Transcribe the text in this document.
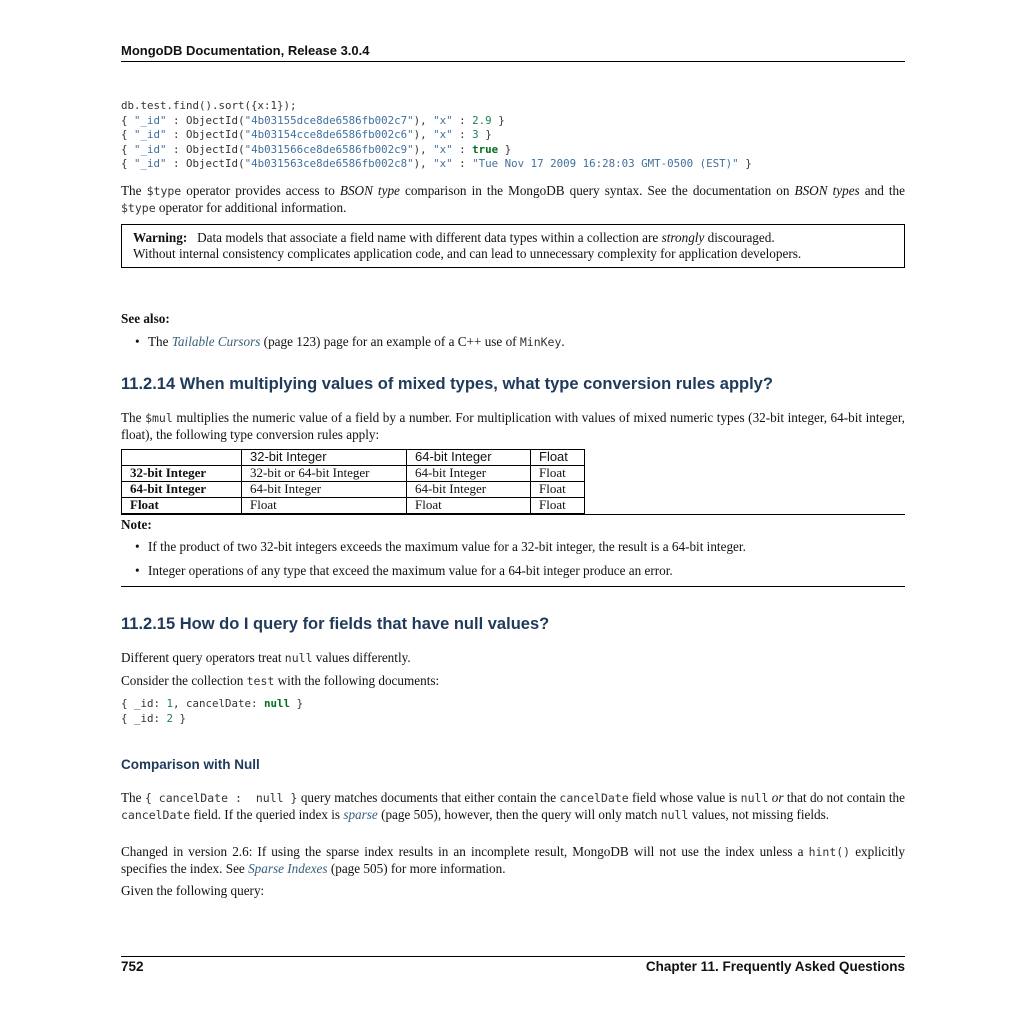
MongoDB Documentation, Release 3.0.4
db.test.find().sort({x:1});
{ "_id" : ObjectId("4b03155dce8de6586fb002c7"), "x" : 2.9 }
{ "_id" : ObjectId("4b03154cce8de6586fb002c6"), "x" : 3 }
{ "_id" : ObjectId("4b031566ce8de6586fb002c9"), "x" : true }
{ "_id" : ObjectId("4b031563ce8de6586fb002c8"), "x" : "Tue Nov 17 2009 16:28:03 GMT-0500 (EST)" }
The $type operator provides access to BSON type comparison in the MongoDB query syntax. See the documentation on BSON types and the $type operator for additional information.
Warning: Data models that associate a field name with different data types within a collection are strongly discouraged.
Without internal consistency complicates application code, and can lead to unnecessary complexity for application developers.
See also:
• The Tailable Cursors (page 123) page for an example of a C++ use of MinKey.
11.2.14 When multiplying values of mixed types, what type conversion rules apply?
The $mul multiplies the numeric value of a field by a number. For multiplication with values of mixed numeric types (32-bit integer, 64-bit integer, float), the following type conversion rules apply:
	32-bit Integer	64-bit Integer	Float
32-bit Integer	32-bit or 64-bit Integer	64-bit Integer	Float
64-bit Integer	64-bit Integer	64-bit Integer	Float
Float	Float	Float	Float
Note:
• If the product of two 32-bit integers exceeds the maximum value for a 32-bit integer, the result is a 64-bit integer.
• Integer operations of any type that exceed the maximum value for a 64-bit integer produce an error.
11.2.15 How do I query for fields that have null values?
Different query operators treat null values differently.
Consider the collection test with the following documents:
{ _id: 1, cancelDate: null }
{ _id: 2 }
Comparison with Null
The { cancelDate :  null } query matches documents that either contain the cancelDate field whose value is null or that do not contain the cancelDate field. If the queried index is sparse (page 505), however, then the query will only match null values, not missing fields.
Changed in version 2.6: If using the sparse index results in an incomplete result, MongoDB will not use the index unless a hint() explicitly specifies the index. See Sparse Indexes (page 505) for more information.
Given the following query:
752	Chapter 11. Frequently Asked Questions
